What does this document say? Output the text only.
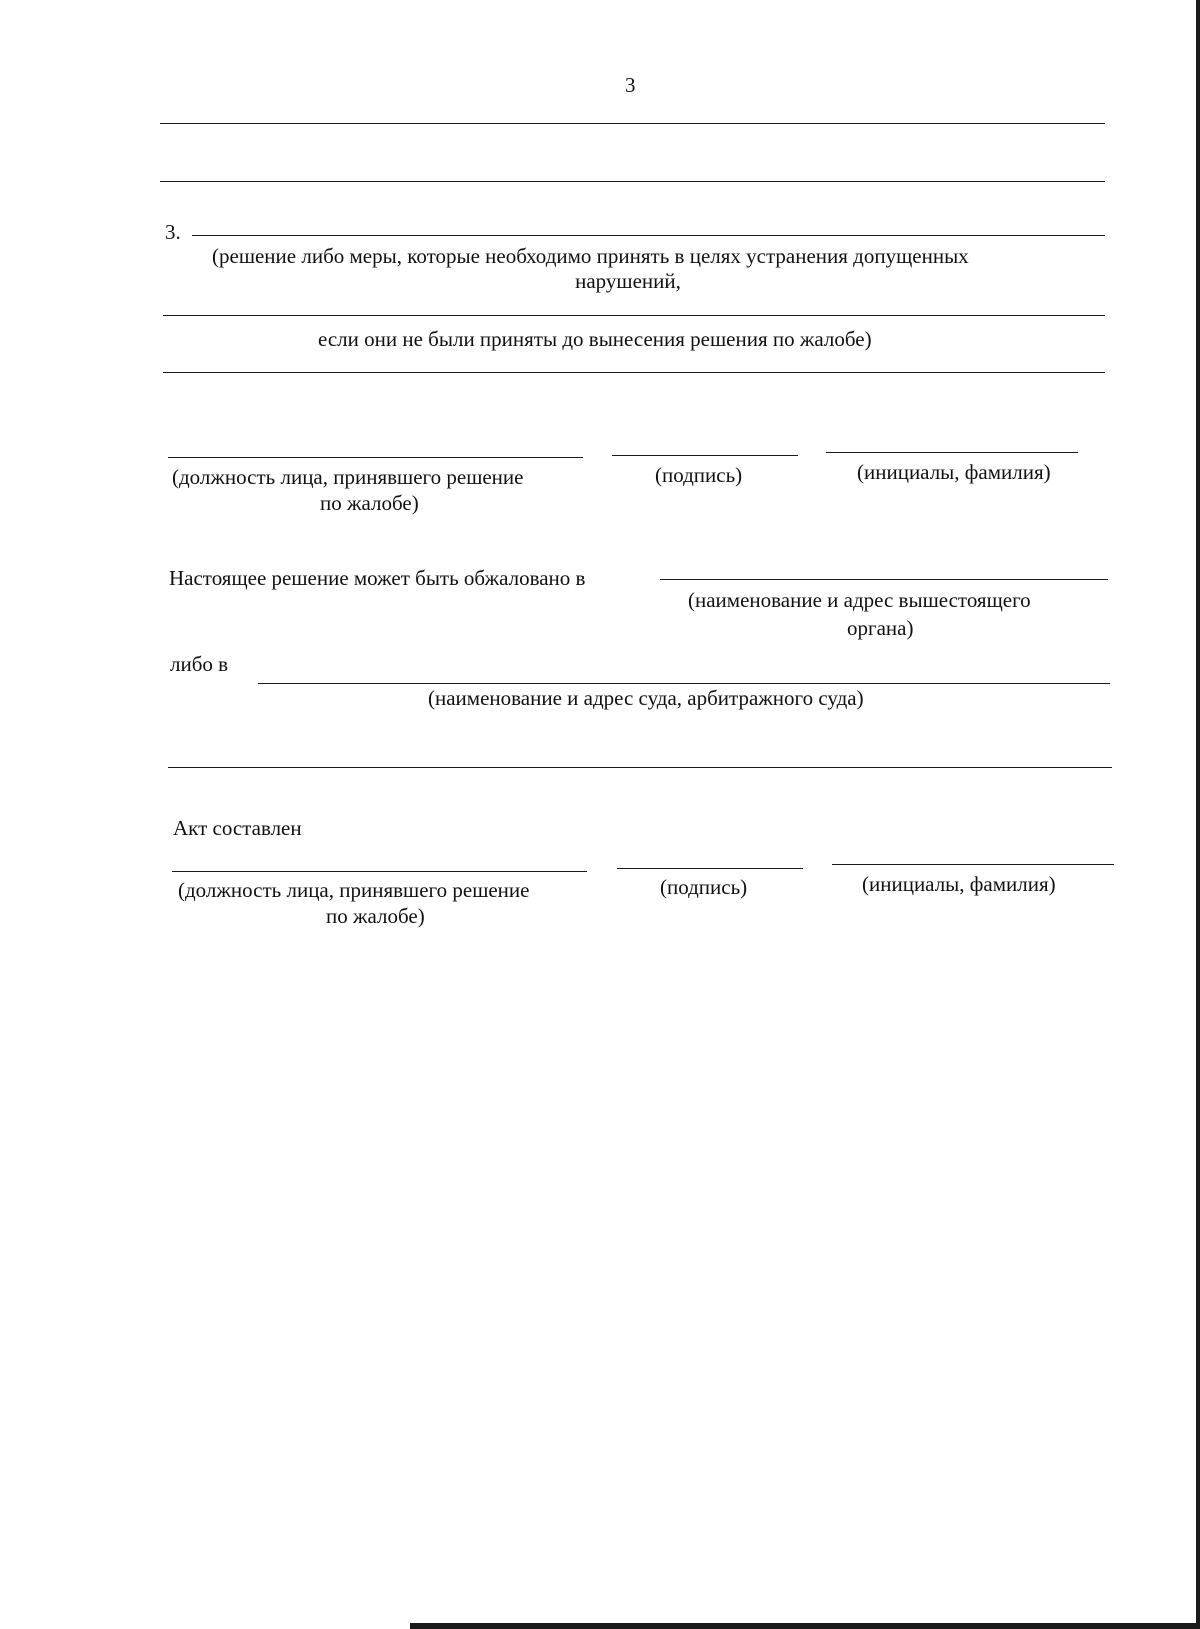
3
3.
(решение либо меры, которые необходимо принять в целях устранения допущенных
нарушений,
если они не были приняты до вынесения решения по жалобе)
(должность лица, принявшего решение
по жалобе)
(подпись)	(инициалы, фамилия)
Настоящее решение может быть обжаловано в
(наименование и адрес вышестоящего
органа)
либо в
(наименование и адрес суда, арбитражного суда)
Акт составлен
(должность лица, принявшего решение
по жалобе)
(подпись)	(инициалы, фамилия)
